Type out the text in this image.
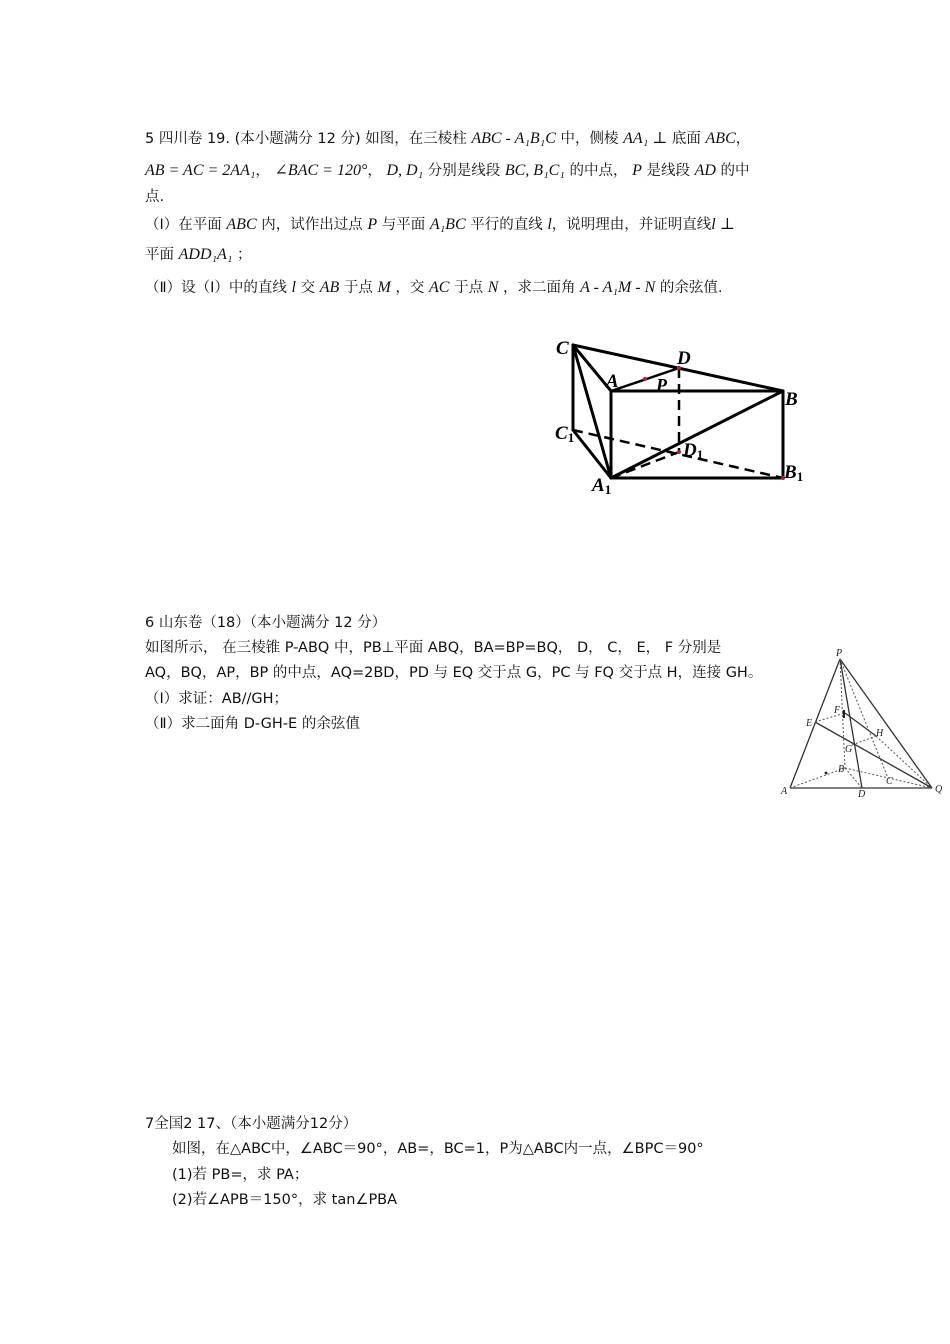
5 四川卷 19. (本小题满分 12 分) 如图，在三棱柱 ABC - A₁B₁C 中，侧棱 AA₁ ⊥ 底面 ABC，
AB = AC = 2AA₁， ∠BAC = 120°， D, D₁ 分别是线段 BC, B₁C₁ 的中点， P 是线段 AD 的中
点.
（Ⅰ）在平面 ABC 内，试作出过点 P 与平面 A₁BC 平行的直线 l，说明理由，并证明直线l ⊥
平面 ADD₁A₁ ；
（Ⅱ）设（Ⅰ）中的直线 l 交 AB 于点 M ，交 AC 于点 N ，求二面角 A - A₁M - N 的余弦值.
C	D
A P
B
C1
D1
B1
A1
6 山东卷（18）（本小题满分 12 分）
如图所示， 在三棱锥 P-ABQ 中，PB⊥平面 ABQ，BA=BP=BQ， D， C， E， F 分别是
AQ，BQ，AP，BP 的中点，AQ=2BD，PD 与 EQ 交于点 G，PC 与 FQ 交于点 H，连接 GH。
（Ⅰ）求证：AB//GH；
（Ⅱ）求二面角 D-GH-E 的余弦值
P
E
F
H
G
B
C
A	D	Q
7全国2 17、（本小题满分12分）
如图，在△ABC中，∠ABC＝90°，AB=，BC=1，P为△ABC内一点，∠BPC＝90°
(1)若 PB=，求 PA；
(2)若∠APB＝150°，求 tan∠PBA
